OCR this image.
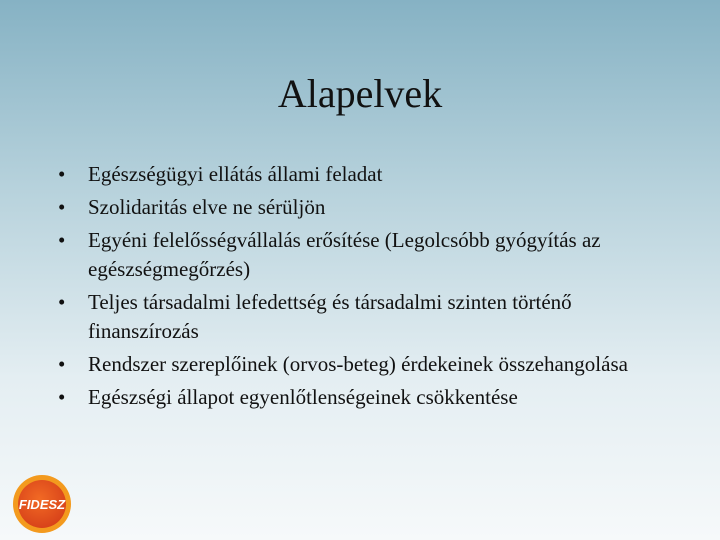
Alapelvek
•	Egészségügyi ellátás állami feladat
•	Szolidaritás elve ne sérüljön
•	Egyéni felelősségvállalás erősítése (Legolcsóbb gyógyítás az egészségmegőrzés)
•	Teljes társadalmi lefedettség és társadalmi szinten történő finanszírozás
•	Rendszer szereplőinek (orvos-beteg) érdekeinek összehangolása
•	Egészségi állapot egyenlőtlenségeinek csökkentése
FIDESZ
